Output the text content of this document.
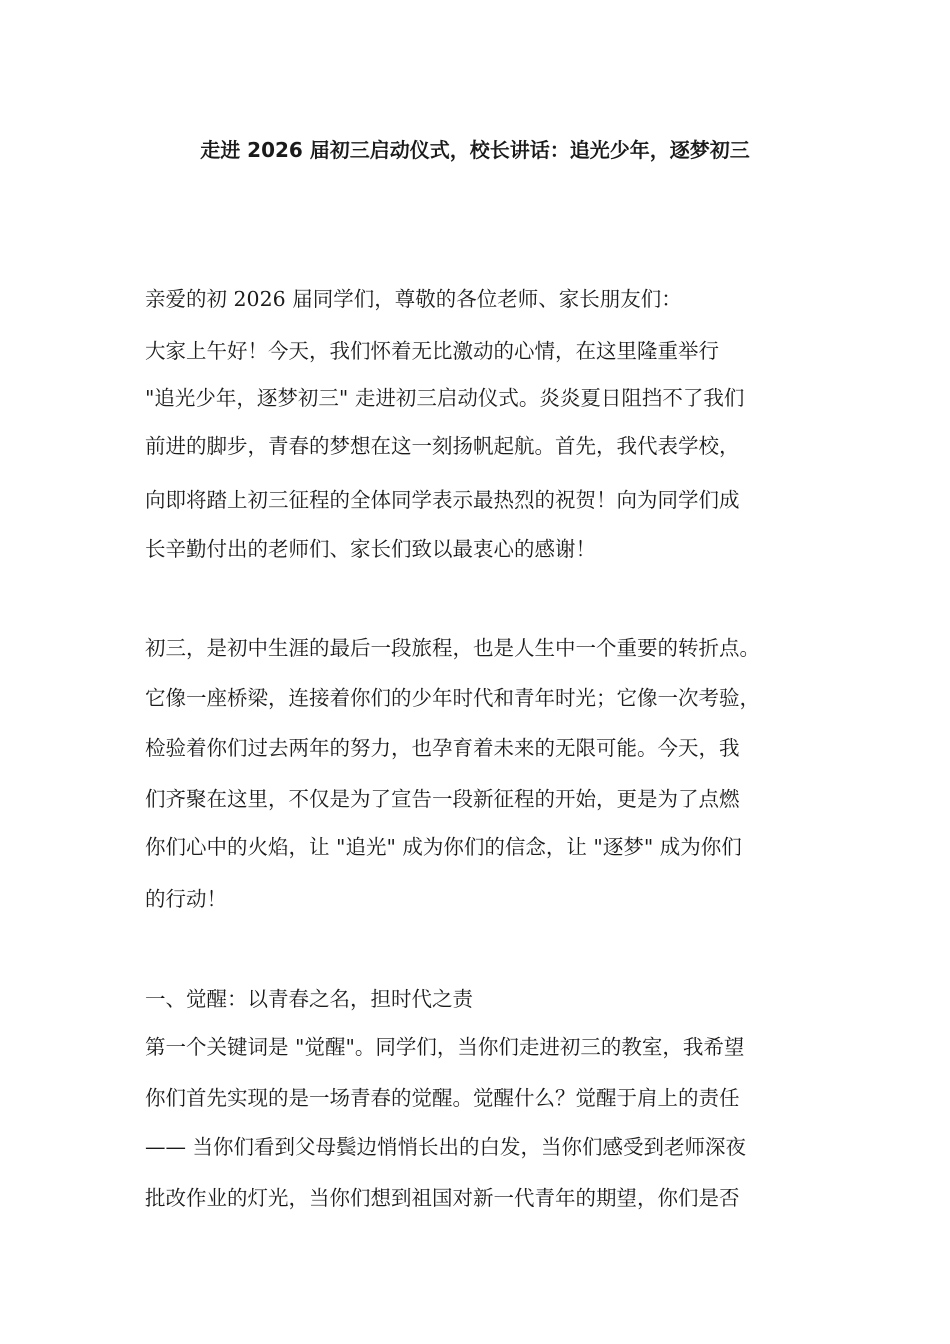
走进 2026 届初三启动仪式，校长讲话：追光少年，逐梦初三
亲爱的初 2026 届同学们，尊敬的各位老师、家长朋友们：
大家上午好！今天，我们怀着无比激动的心情，在这里隆重举行
"追光少年，逐梦初三" 走进初三启动仪式。炎炎夏日阻挡不了我们
前进的脚步，青春的梦想在这一刻扬帆起航。首先，我代表学校，
向即将踏上初三征程的全体同学表示最热烈的祝贺！向为同学们成
长辛勤付出的老师们、家长们致以最衷心的感谢！
初三，是初中生涯的最后一段旅程，也是人生中一个重要的转折点。
它像一座桥梁，连接着你们的少年时代和青年时光；它像一次考验，
检验着你们过去两年的努力，也孕育着未来的无限可能。今天，我
们齐聚在这里，不仅是为了宣告一段新征程的开始，更是为了点燃
你们心中的火焰，让 "追光" 成为你们的信念，让 "逐梦" 成为你们
的行动！
一、觉醒：以青春之名，担时代之责
第一个关键词是 "觉醒"。同学们，当你们走进初三的教室，我希望
你们首先实现的是一场青春的觉醒。觉醒什么？觉醒于肩上的责任
—— 当你们看到父母鬓边悄悄长出的白发，当你们感受到老师深夜
批改作业的灯光，当你们想到祖国对新一代青年的期望，你们是否
